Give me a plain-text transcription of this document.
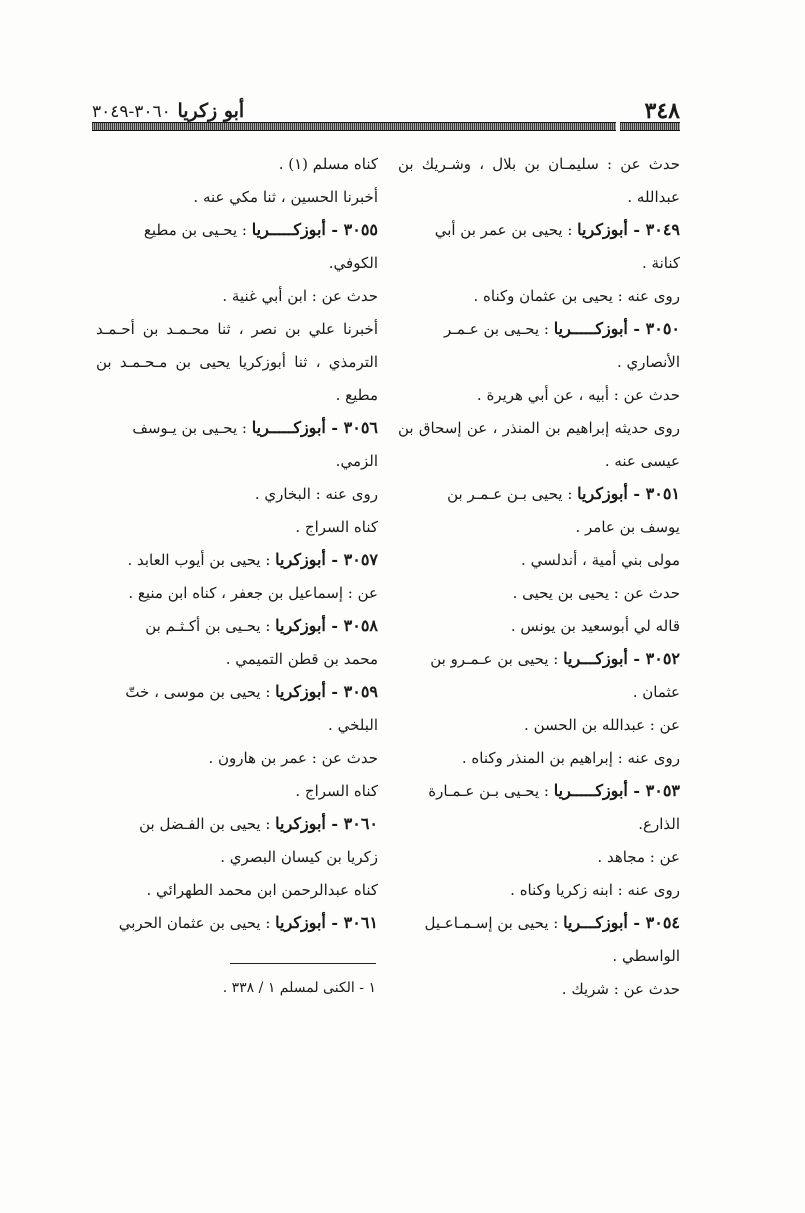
أبو زكريا ٣٠٦٠-٣٠٤٩	٣٤٨
حدث عن : سليمـان بن بلال ، وشـريك بن
عبدالله .
٣٠٤٩ - أبوزكريا : يحيى بن عمر بن أبي
كنانة .
روى عنه : يحيى بن عثمان وكناه .
٣٠٥٠ - أبوزكـــــريا : يحـيى بن عـمـر
الأنصاري .
حدث عن : أبيه ، عن أبي هريرة .
روى حديثه إبراهيم بن المنذر ، عن إسحاق بن
عيسى عنه .
٣٠٥١ - أبوزكريا : يحيى بـن عـمـر بن
يوسف بن عامر .
مولى بني أمية ، أندلسي .
حدث عن : يحيى بن يحيى .
قاله لي أبوسعيد بن يونس .
٣٠٥٢ - أبوزكـــريا : يحيى بن عـمـرو بن
عثمان .
عن : عبدالله بن الحسن .
روى عنه : إبراهيم بن المنذر وكناه .
٣٠٥٣ - أبوزكـــــريا : يحـيى بـن عـمـارة
الذارع.
عن : مجاهد .
روى عنه : ابنه زكريا وكناه .
٣٠٥٤ - أبوزكـــريا : يحيى بن إسـمـاعـيل
الواسطي .
حدث عن : شريك .
كناه مسلم (١) .
أخبرنا الحسين ، ثنا مكي عنه .
٣٠٥٥ - أبوزكـــــريا : يحـيى بن مطيع
الكوفي.
حدث عن : ابن أبي غنية .
أخبرنا علي بن نصر ، ثنا محـمـد بن أحـمـد
الترمذي ، ثنا أبوزكريا يحيى بن مـحـمـد بن
مطيع .
٣٠٥٦ - أبوزكـــــريا : يحـيى بن يـوسف
الزمي.
روى عنه : البخاري .
كناه السراج .
٣٠٥٧ - أبوزكريا : يحيى بن أيوب العابد .
عن : إسماعيل بن جعفر ، كناه ابن منيع .
٣٠٥٨ - أبوزكريا : يحـيى بن أكـثـم بن
محمد بن قطن التميمي .
٣٠٥٩ - أبوزكريا : يحيى بن موسى ، ختّ
البلخي .
حدث عن : عمر بن هارون .
كناه السراج .
٣٠٦٠ - أبوزكريا : يحيى بن الفـضل بن
زكريا بن كيسان البصري .
كناه عبدالرحمن ابن محمد الطهرائي .
٣٠٦١ - أبوزكريا : يحيى بن عثمان الحربي
١ - الكنى لمسلم ١ / ٣٣٨ .
